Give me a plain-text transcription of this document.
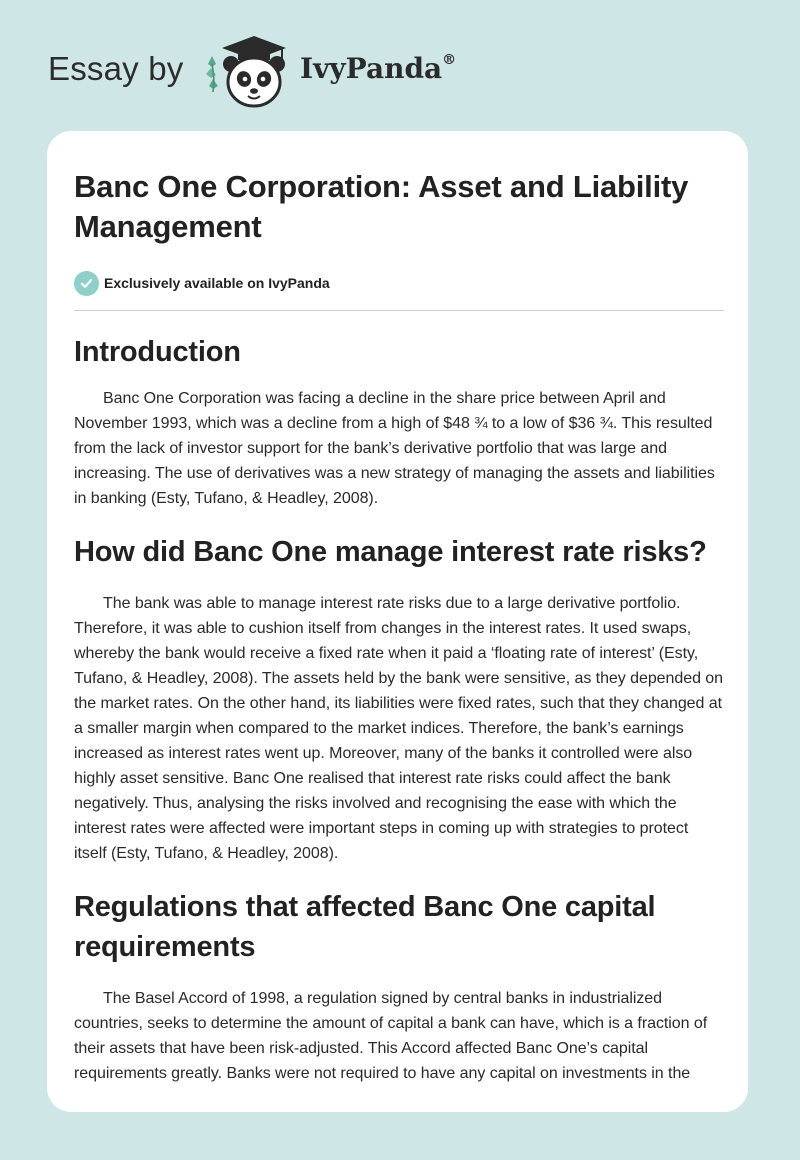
Essay by	IvyPanda®
Banc One Corporation: Asset and Liability Management
Exclusively available on IvyPanda
Introduction

Banc One Corporation was facing a decline in the share price between April and November 1993, which was a decline from a high of $48 ¾ to a low of $36 ¾. This resulted from the lack of investor support for the bank’s derivative portfolio that was large and increasing. The use of derivatives was a new strategy of managing the assets and liabilities in banking (Esty, Tufano, & Headley, 2008).

How did Banc One manage interest rate risks?

The bank was able to manage interest rate risks due to a large derivative portfolio. Therefore, it was able to cushion itself from changes in the interest rates. It used swaps, whereby the bank would receive a fixed rate when it paid a ‘floating rate of interest’ (Esty, Tufano, & Headley, 2008). The assets held by the bank were sensitive, as they depended on the market rates. On the other hand, its liabilities were fixed rates, such that they changed at a smaller margin when compared to the market indices. Therefore, the bank’s earnings increased as interest rates went up. Moreover, many of the banks it controlled were also highly asset sensitive. Banc One realised that interest rate risks could affect the bank negatively. Thus, analysing the risks involved and recognising the ease with which the interest rates were affected were important steps in coming up with strategies to protect itself (Esty, Tufano, & Headley, 2008).

Regulations that affected Banc One capital requirements

The Basel Accord of 1998, a regulation signed by central banks in industrialized countries, seeks to determine the amount of capital a bank can have, which is a fraction of their assets that have been risk-adjusted. This Accord affected Banc One’s capital requirements greatly. Banks were not required to have any capital on investments in the
